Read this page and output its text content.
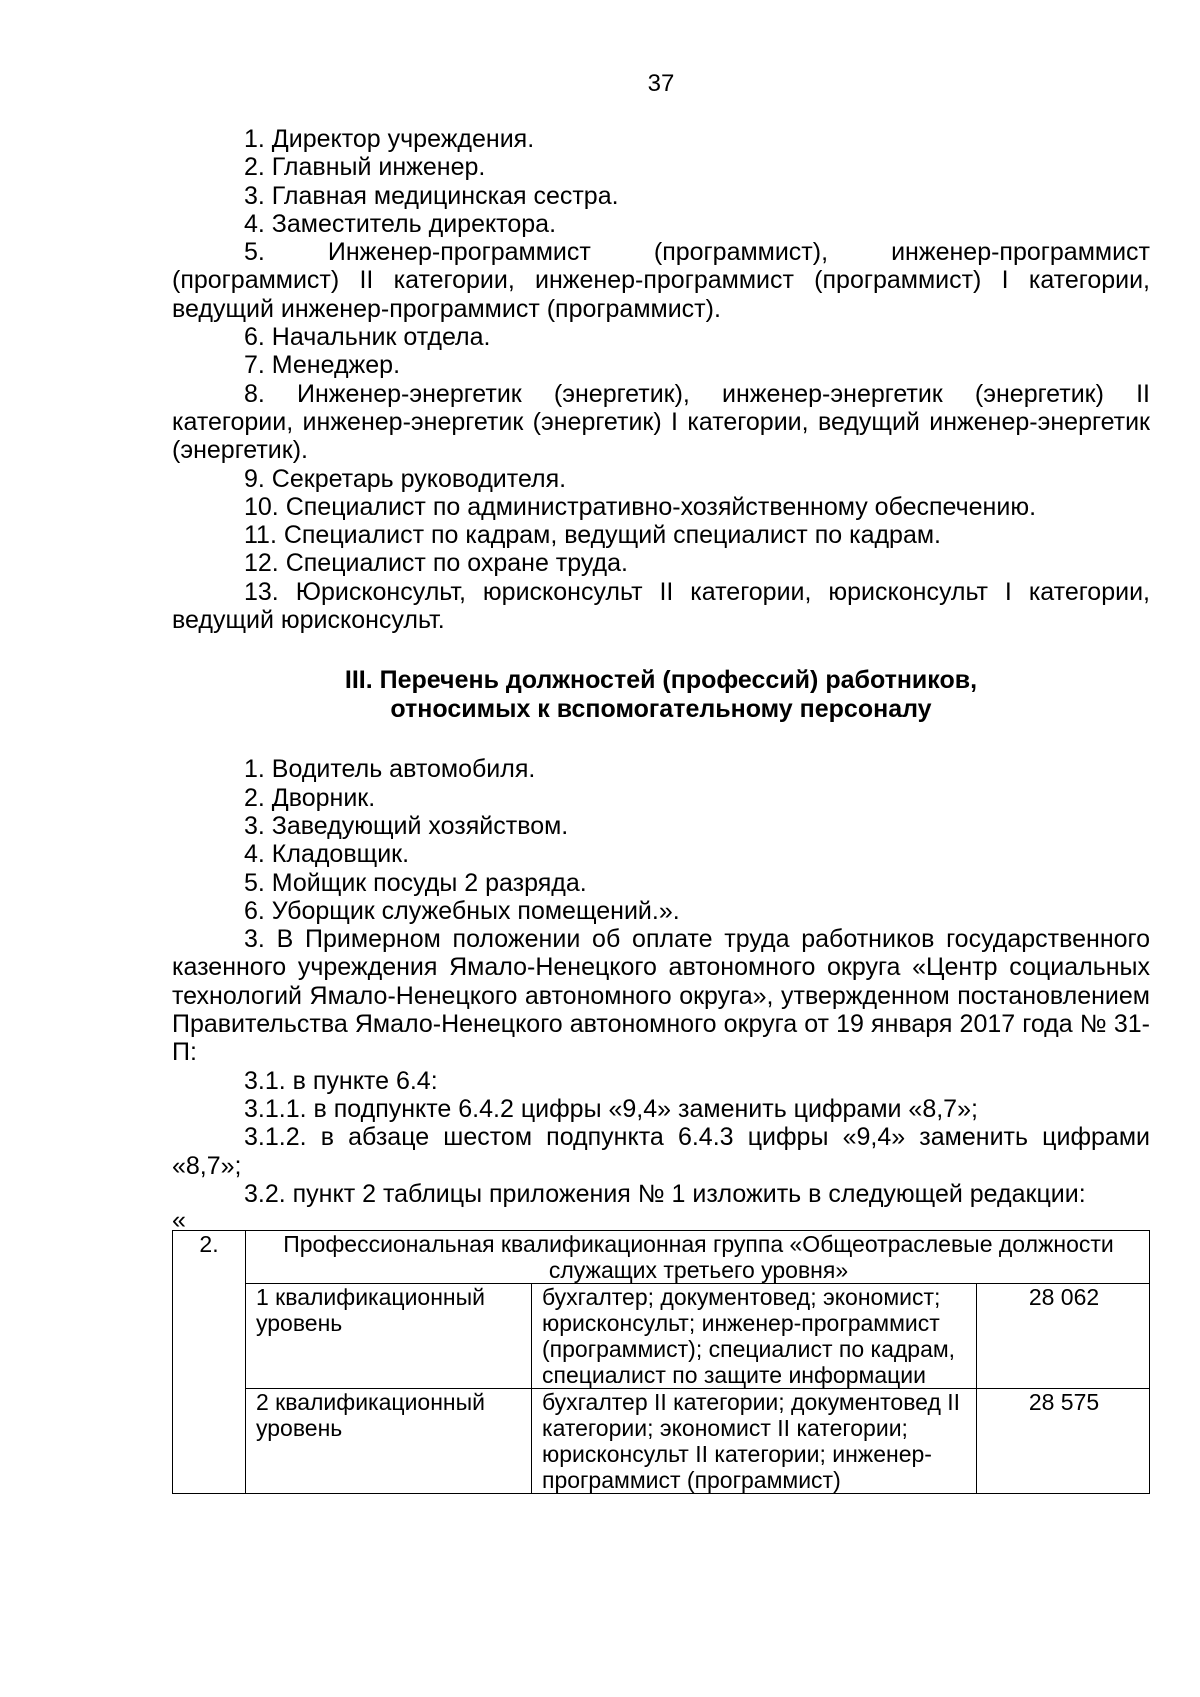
37

1. Директор учреждения.

2. Главный инженер.

3. Главная медицинская сестра.

4. Заместитель директора.

5. Инженер-программист (программист), инженер-программист (программист) II категории, инженер-программист (программист) I категории, ведущий инженер-программист (программист).

6. Начальник отдела.

7. Менеджер.

8. Инженер-энергетик (энергетик), инженер-энергетик (энергетик) II категории, инженер-энергетик (энергетик) I категории, ведущий инженер-энергетик (энергетик).

9. Секретарь руководителя.

10. Специалист по административно-хозяйственному обеспечению.

11. Специалист по кадрам, ведущий специалист по кадрам.

12. Специалист по охране труда.

13. Юрисконсульт, юрисконсульт II категории, юрисконсульт I категории, ведущий юрисконсульт.

III. Перечень должностей (профессий) работников,

относимых к вспомогательному персоналу

1. Водитель автомобиля.

2. Дворник.

3. Заведующий хозяйством.

4. Кладовщик.

5. Мойщик посуды 2 разряда.

6. Уборщик служебных помещений.».

3. В Примерном положении об оплате труда работников государственного казенного учреждения Ямало-Ненецкого автономного округа «Центр социальных технологий Ямало-Ненецкого автономного округа», утвержденном постановлением Правительства Ямало-Ненецкого автономного округа от 19 января 2017 года № 31-П:

3.1. в пункте 6.4:

3.1.1. в подпункте 6.4.2 цифры «9,4» заменить цифрами «8,7»;

3.1.2. в абзаце шестом подпункта 6.4.3 цифры «9,4» заменить цифрами «8,7»;

3.2. пункт 2 таблицы приложения № 1 изложить в следующей редакции:

«

2.	Профессиональная квалификационная группа «Общеотраслевые должности служащих третьего уровня»		
	1 квалификационный уровень	бухгалтер; документовед; экономист; юрисконсульт; инженер-программист (программист); специалист по кадрам, специалист по защите информации	28 062
	2 квалификационный уровень	бухгалтер II категории; документовед II категории; экономист II категории; юрисконсульт II категории; инженер-программист (программист)	28 575
